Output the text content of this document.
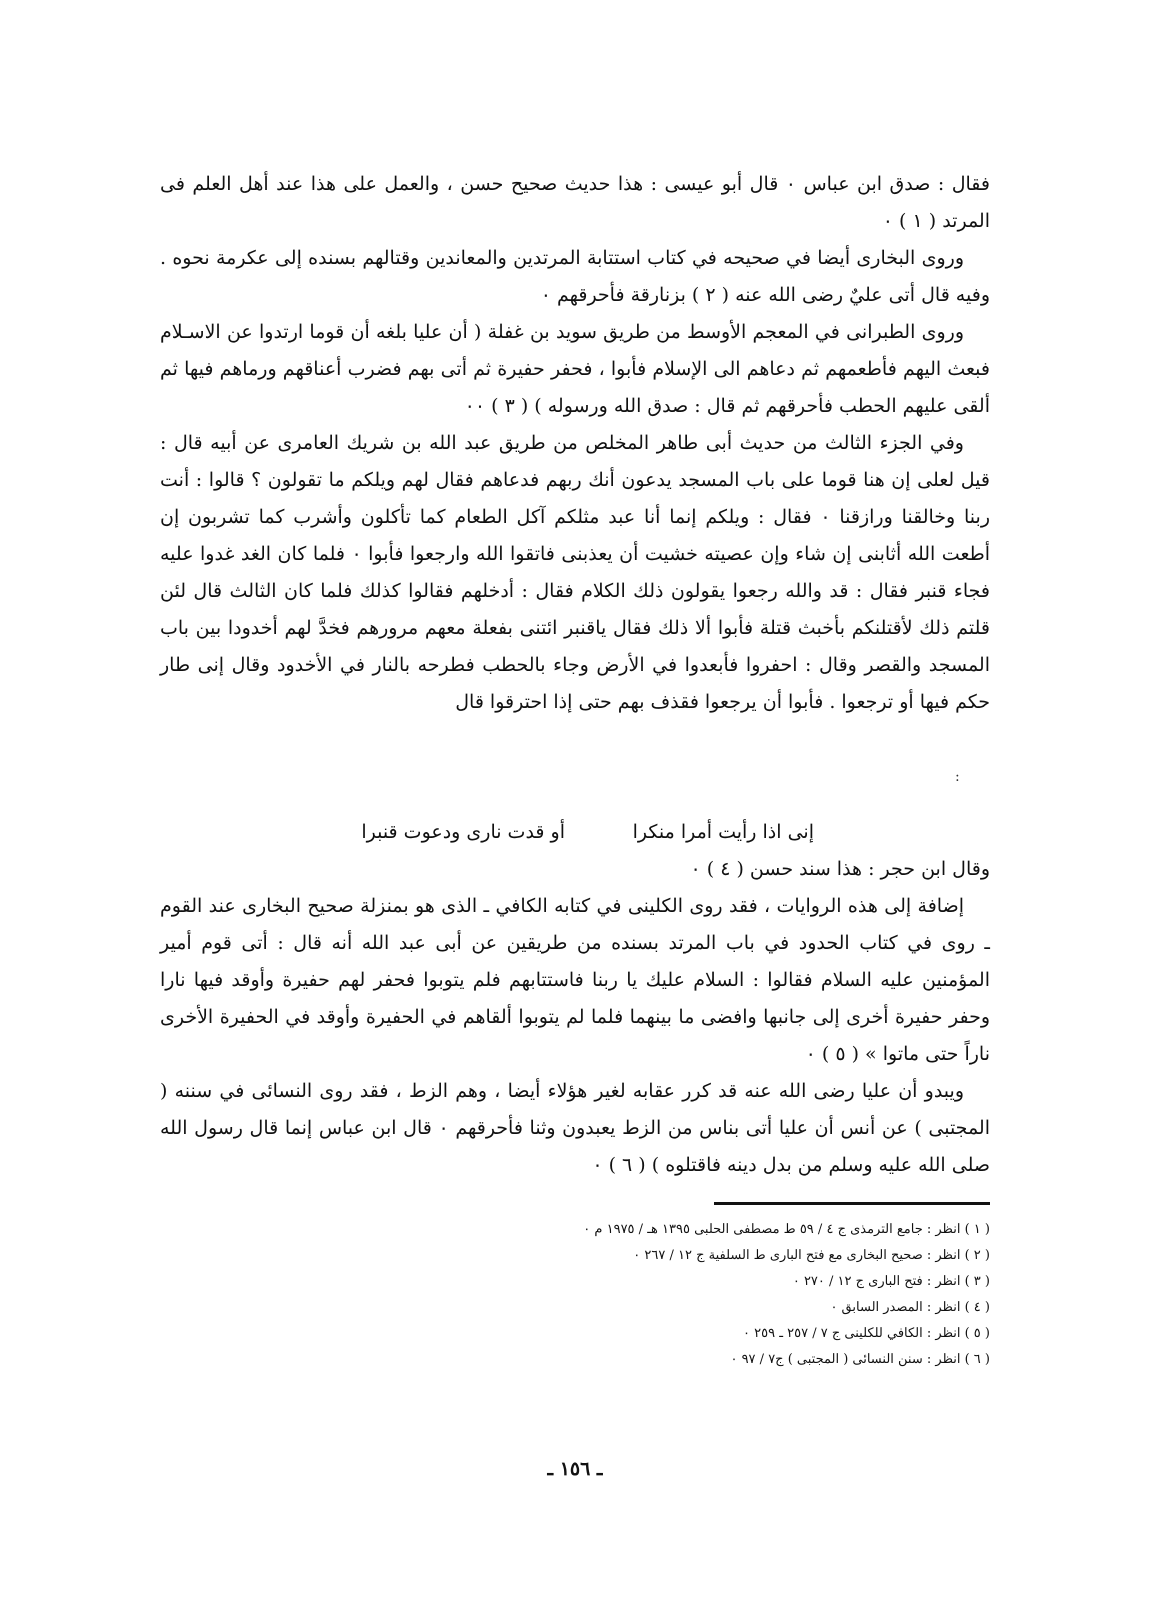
فقال : صدق ابن عباس ٠ قال أبو عيسى : هذا حديث صحيح حسن ، والعمل على هذا عند أهل العلم فى المرتد ( ١ ) ٠

وروى البخارى أيضا في صحيحه في كتاب استتابة المرتدين والمعاندين وقتالهم بسنده إلى عكرمة نحوه . وفيه قال أتى عليٌ رضى الله عنه ( ٢ ) بزنارقة فأحرقهم ٠

وروى الطبرانى في المعجم الأوسط من طريق سويد بن غفلة ( أن عليا بلغه أن قوما ارتدوا عن الاسـلام فبعث اليهم فأطعمهم ثم دعاهم الى الإسلام فأبوا ، فحفر حفيرة ثم أتى بهم فضرب أعناقهم ورماهم فيها ثم ألقى عليهم الحطب فأحرقهم ثم قال : صدق الله ورسوله ) ( ٣ ) ٠٠

وفي الجزء الثالث من حديث أبى طاهر المخلص من طريق عبد الله بن شريك العامرى عن أبيه قال : قيل لعلى إن هنا قوما على باب المسجد يدعون أنك ربهم فدعاهم فقال لهم ويلكم ما تقولون ؟ قالوا : أنت ربنا وخالقنا ورازقنا ٠ فقال : ويلكم إنما أنا عبد مثلكم آكل الطعام كما تأكلون وأشرب كما تشربون إن أطعت الله أثابنى إن شاء وإن عصيته خشيت أن يعذبنى فاتقوا الله وارجعوا فأبوا ٠ فلما كان الغد غدوا عليه فجاء قنبر فقال : قد والله رجعوا يقولون ذلك الكلام فقال : أدخلهم فقالوا كذلك فلما كان الثالث قال لئن قلتم ذلك لأقتلنكم بأخبث قتلة فأبوا ألا ذلك فقال ياقنبر ائتنى بفعلة معهم مرورهم فخدَّ لهم أخدودا بين باب المسجد والقصر وقال : احفروا فأبعدوا في الأرض وجاء بالحطب فطرحه بالنار في الأخدود وقال إنى طار حكم فيها أو ترجعوا . فأبوا أن يرجعوا فقذف بهم حتى إذا احترقوا قال

:
إنى اذا رأيت أمرا منكرا
أو قدت نارى ودعوت قنبرا

وقال ابن حجر : هذا سند حسن ( ٤ ) ٠

إضافة إلى هذه الروايات ، فقد روى الكلينى في كتابه الكافي ـ الذى هو بمنزلة صحيح البخارى عند القوم ـ روى في كتاب الحدود في باب المرتد بسنده من طريقين عن أبى عبد الله أنه قال : أتى قوم أمير المؤمنين عليه السلام فقالوا : السلام عليك يا ربنا فاستتابهم فلم يتوبوا فحفر لهم حفيرة وأوقد فيها نارا وحفر حفيرة أخرى إلى جانبها وافضى ما بينهما فلما لم يتوبوا ألقاهم في الحفيرة وأوقد في الحفيرة الأخرى ناراً حتى ماتوا » ( ٥ ) ٠

ويبدو أن عليا رضى الله عنه قد كرر عقابه لغير هؤلاء أيضا ، وهم الزط ، فقد روى النسائى في سننه ( المجتبى ) عن أنس أن عليا أتى بناس من الزط يعبدون وثنا فأحرقهم ٠ قال ابن عباس إنما قال رسول الله صلى الله عليه وسلم من بدل دينه فاقتلوه ) ( ٦ ) ٠

( ١ ) انظر : جامع الترمذى ج ٤ / ٥٩ ط مصطفى الحلبى ١٣٩٥ هـ / ١٩٧٥ م ٠
( ٢ ) انظر : صحيح البخارى مع فتح البارى ط السلفية ج ١٢ / ٢٦٧ ٠
( ٣ ) انظر : فتح البارى ج ١٢ / ٢٧٠ ٠
( ٤ ) انظر : المصدر السابق ٠
( ٥ ) انظر : الكافي للكلينى ج ٧ / ٢٥٧ ـ ٢٥٩ ٠
( ٦ ) انظر : سنن النسائى ( المجتبى ) ج٧ / ٩٧ ٠
ـ ١٥٦ ـ
